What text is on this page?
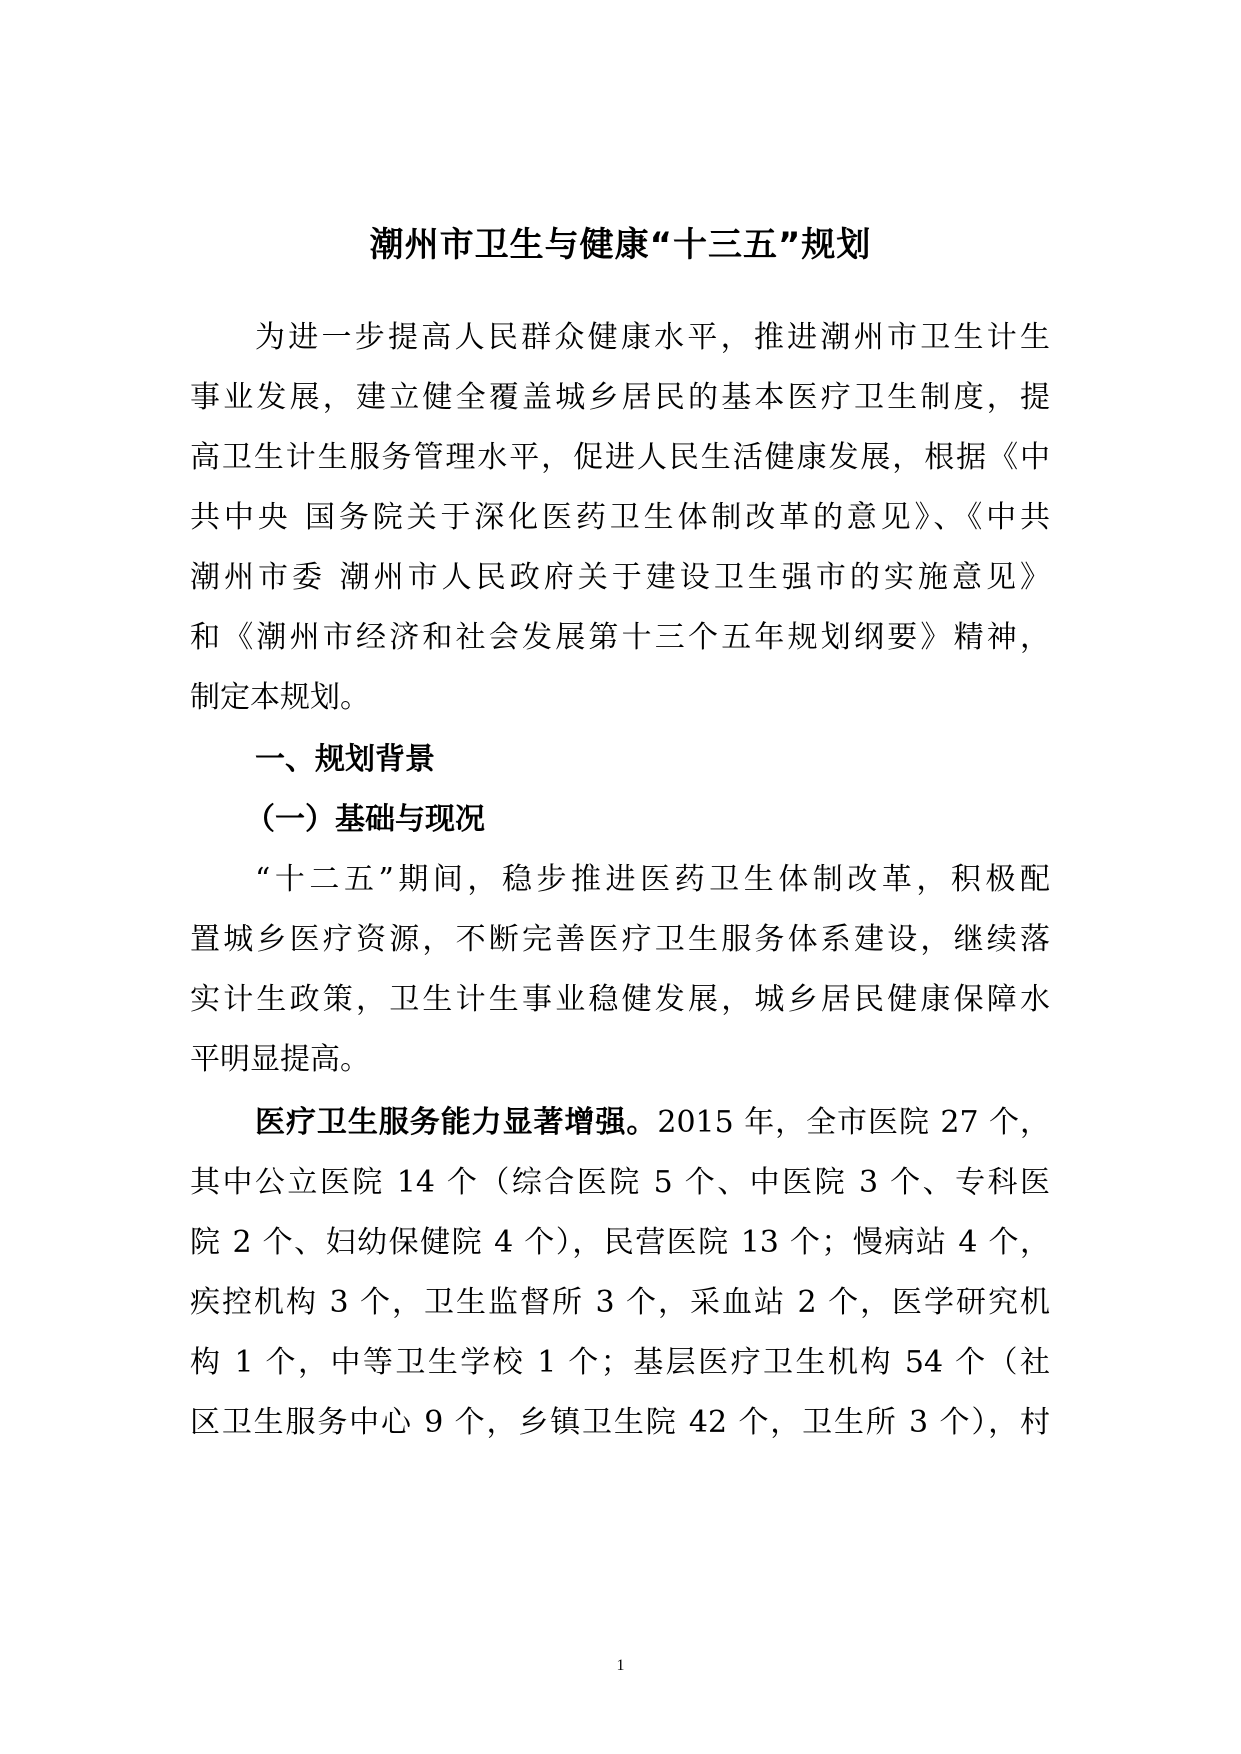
潮州市卫生与健康“十三五”规划
为进一步提高人民群众健康水平，推进潮州市卫生计生
事业发展，建立健全覆盖城乡居民的基本医疗卫生制度，提
高卫生计生服务管理水平，促进人民生活健康发展，根据《中
共中央 国务院关于深化医药卫生体制改革的意见》、《中共
潮州市委 潮州市人民政府关于建设卫生强市的实施意见》
和《潮州市经济和社会发展第十三个五年规划纲要》精神，
制定本规划。
一、规划背景
（一）基础与现况
“十二五”期间，稳步推进医药卫生体制改革，积极配
置城乡医疗资源，不断完善医疗卫生服务体系建设，继续落
实计生政策，卫生计生事业稳健发展，城乡居民健康保障水
平明显提高。
医疗卫生服务能力显著增强。2015 年，全市医院 27 个，
其中公立医院 14 个（综合医院 5 个、中医院 3 个、专科医
院 2 个、妇幼保健院 4 个），民营医院 13 个；慢病站 4 个，
疾控机构 3 个，卫生监督所 3 个，采血站 2 个，医学研究机
构 1 个，中等卫生学校 1 个；基层医疗卫生机构 54 个（社
区卫生服务中心 9 个，乡镇卫生院 42 个，卫生所 3 个），村
1
